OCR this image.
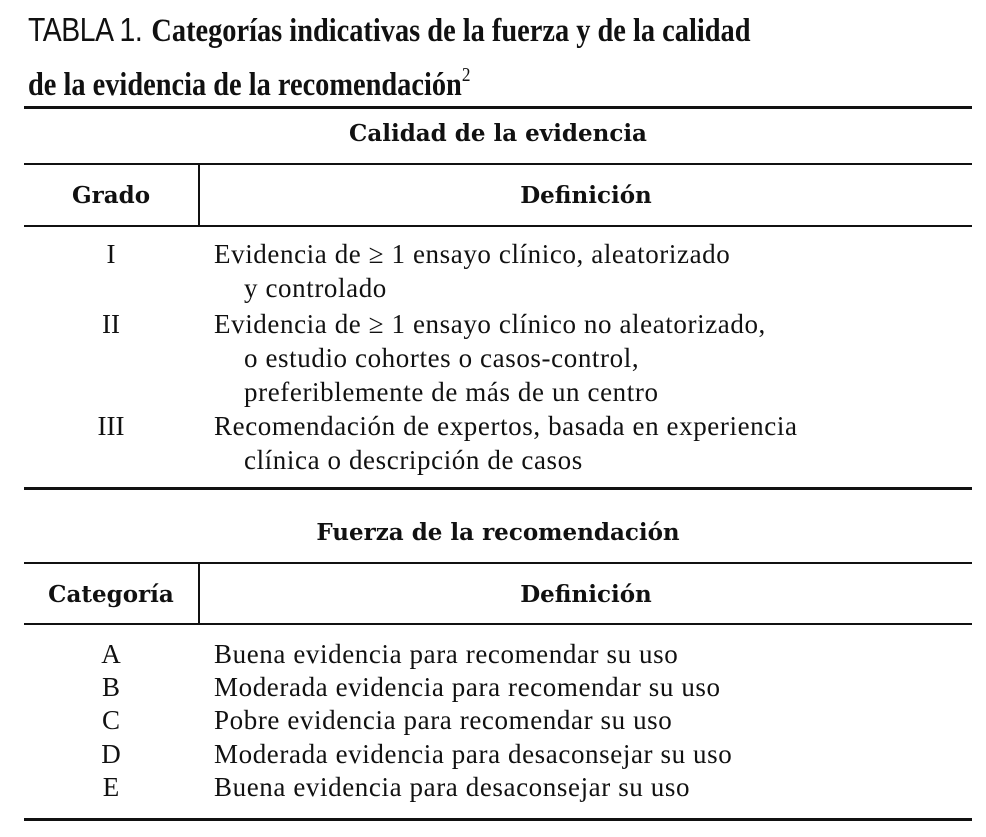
TABLA 1. Categorías indicativas de la fuerza y de la calidad
de la evidencia de la recomendación$^2$
Calidad de la evidencia
Grado	Definición
I	Evidencia de ≥ 1 ensayo clínico, aleatorizado
y controlado
II	Evidencia de ≥ 1 ensayo clínico no aleatorizado,
o estudio cohortes o casos-control,
preferiblemente de más de un centro
III	Recomendación de expertos, basada en experiencia
clínica o descripción de casos
Fuerza de la recomendación
Categoría	Definición
A	Buena evidencia para recomendar su uso
B	Moderada evidencia para recomendar su uso
C	Pobre evidencia para recomendar su uso
D	Moderada evidencia para desaconsejar su uso
E	Buena evidencia para desaconsejar su uso
